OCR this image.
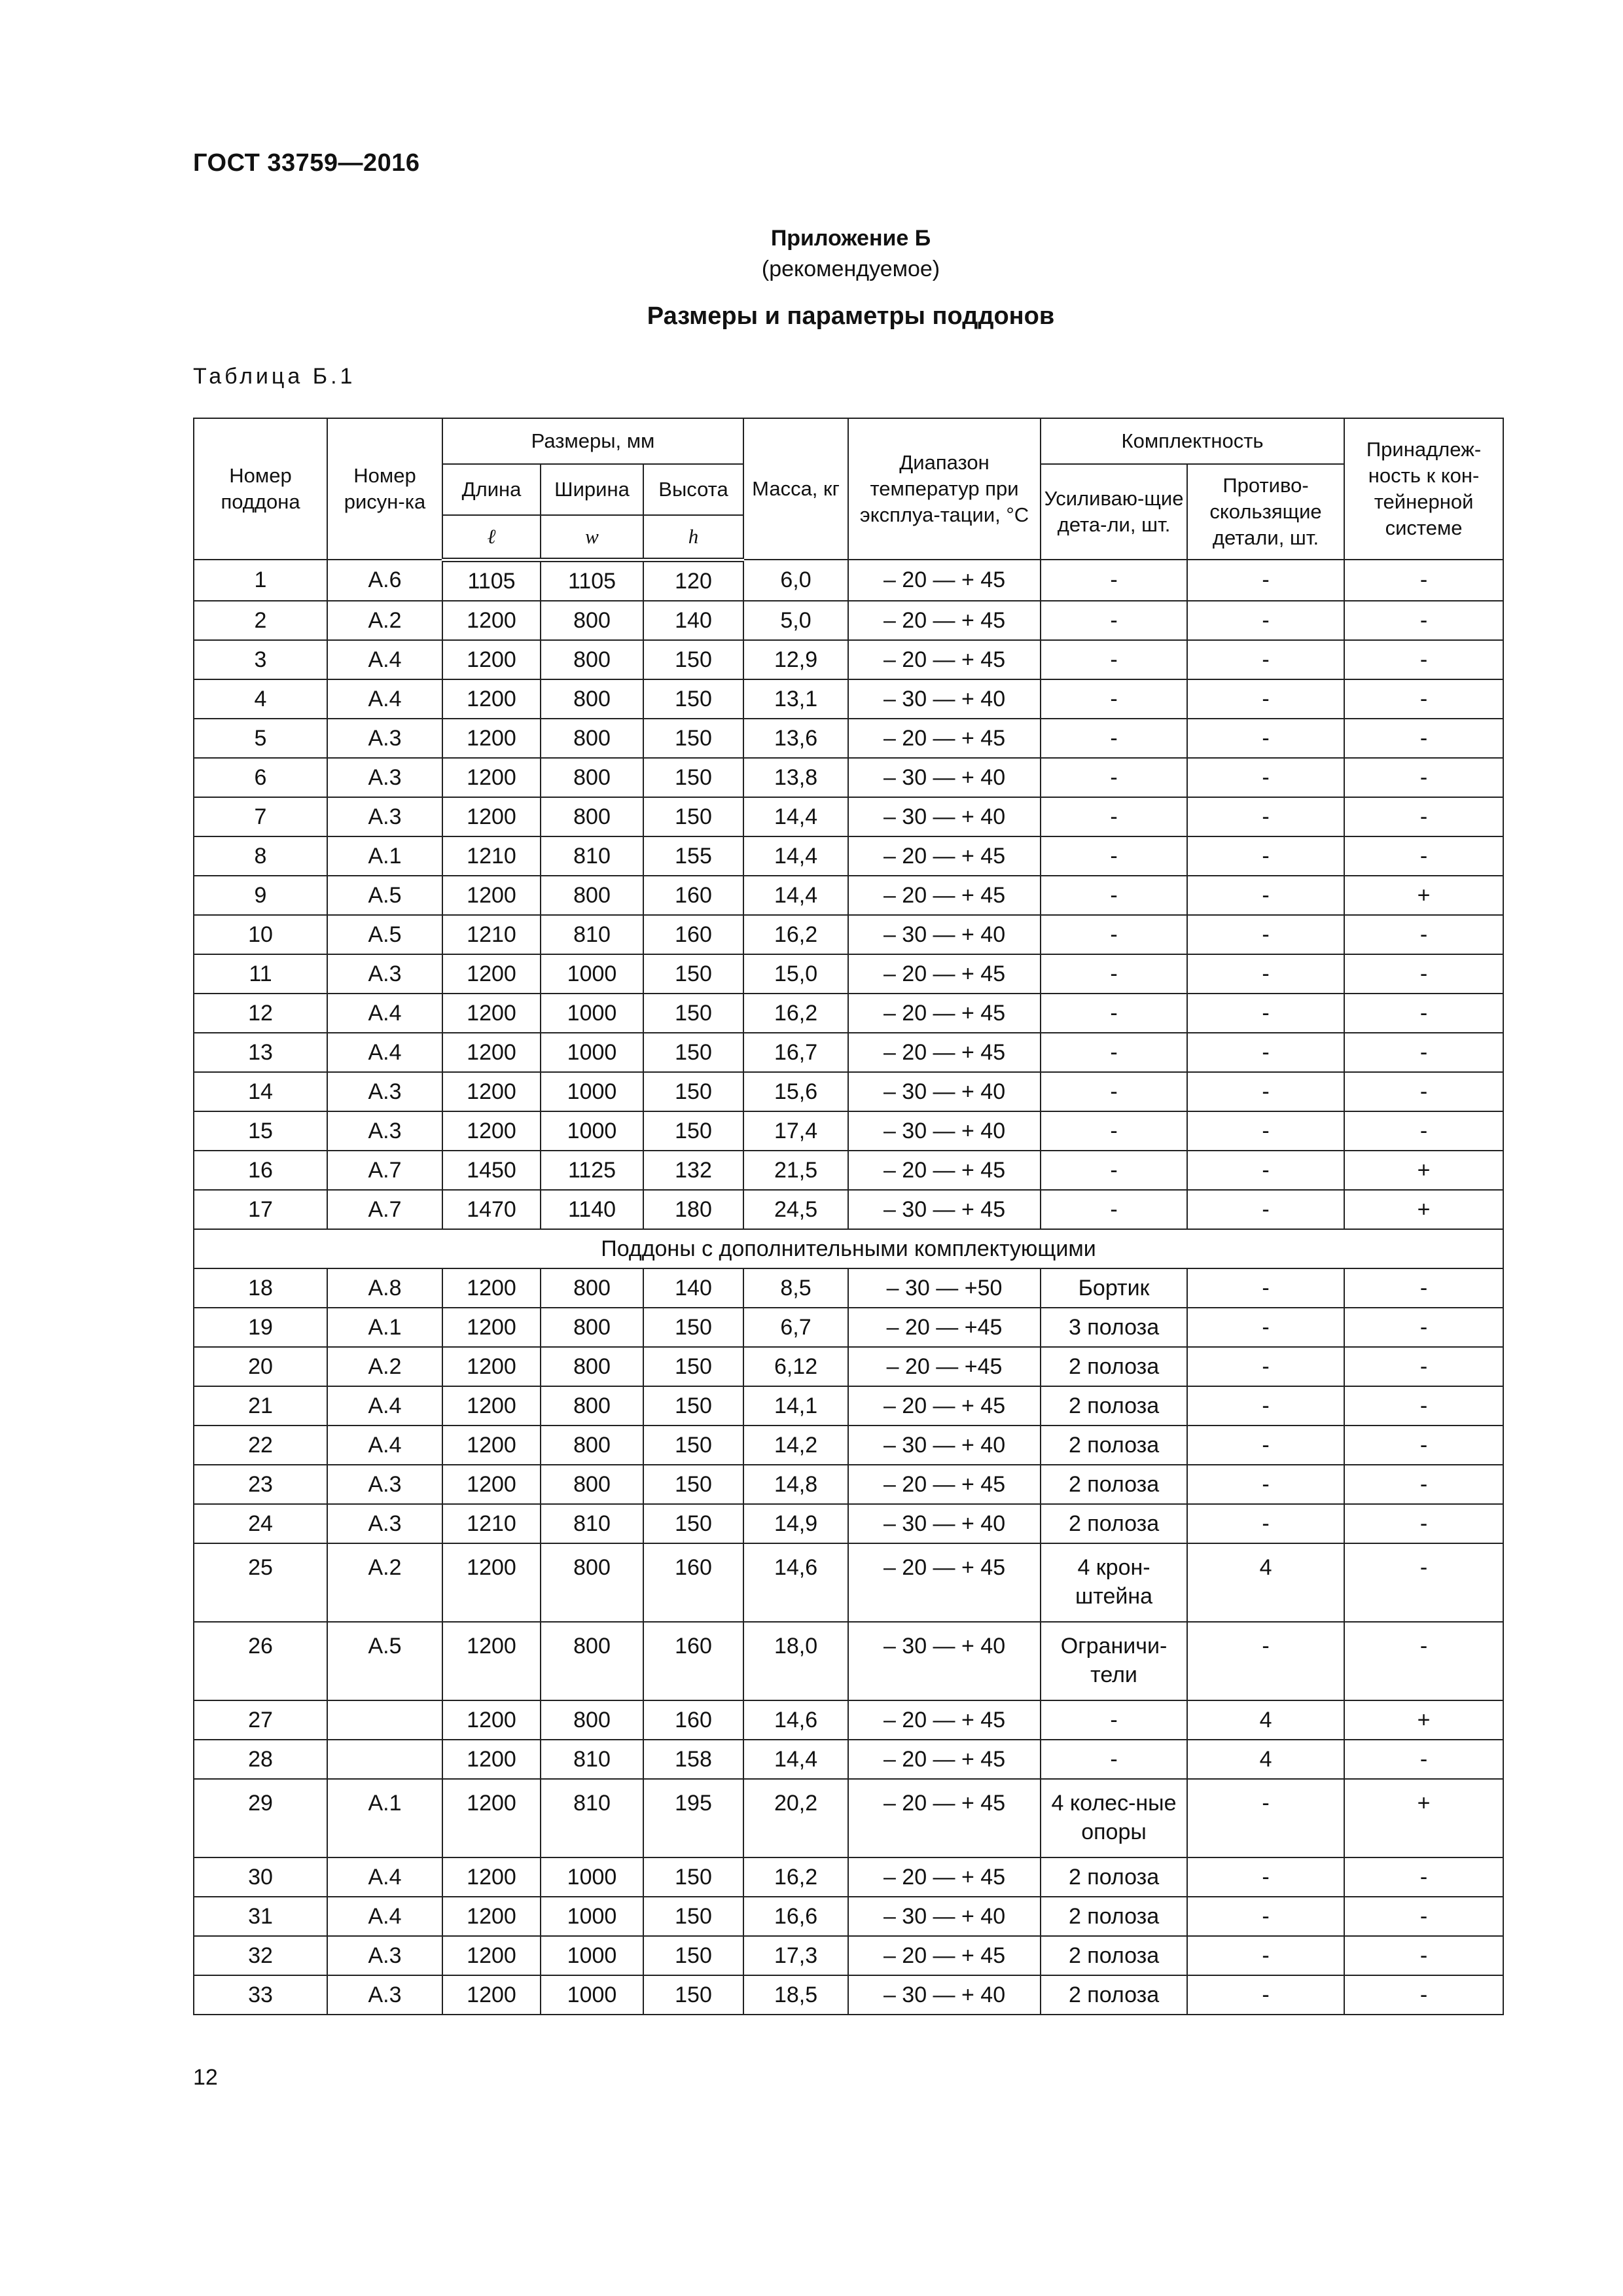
ГОСТ 33759—2016
Приложение Б
(рекомендуемое)
Размеры и параметры поддонов
Таблица Б.1
Номер поддона	Номер рисун-ка	Размеры, мм			Масса, кг	Диапазон температур при эксплуа-тации, °С	Комплектность		Принадлеж-ность к кон-тейнерной системе
		Длина	Ширина	Высота			Усиливаю-щие дета-ли, шт.	Противо-скользящие детали, шт.	
		ℓ	w	h					
1	А.6	1105	1105	120	6,0	– 20 — + 45	-	-	-
2	А.2	1200	800	140	5,0	– 20 — + 45	-	-	-
3	А.4	1200	800	150	12,9	– 20 — + 45	-	-	-
4	А.4	1200	800	150	13,1	– 30 — + 40	-	-	-
5	А.3	1200	800	150	13,6	– 20 — + 45	-	-	-
6	А.3	1200	800	150	13,8	– 30 — + 40	-	-	-
7	А.3	1200	800	150	14,4	– 30 — + 40	-	-	-
8	А.1	1210	810	155	14,4	– 20 — + 45	-	-	-
9	А.5	1200	800	160	14,4	– 20 — + 45	-	-	+
10	А.5	1210	810	160	16,2	– 30 — + 40	-	-	-
11	А.3	1200	1000	150	15,0	– 20 — + 45	-	-	-
12	А.4	1200	1000	150	16,2	– 20 — + 45	-	-	-
13	А.4	1200	1000	150	16,7	– 20 — + 45	-	-	-
14	А.3	1200	1000	150	15,6	– 30 — + 40	-	-	-
15	А.3	1200	1000	150	17,4	– 30 — + 40	-	-	-
16	А.7	1450	1125	132	21,5	– 20 — + 45	-	-	+
17	А.7	1470	1140	180	24,5	– 30 — + 45	-	-	+
Поддоны с дополнительными комплектующими									
18	А.8	1200	800	140	8,5	– 30 — +50	Бортик	-	-
19	А.1	1200	800	150	6,7	– 20 — +45	3 полоза	-	-
20	А.2	1200	800	150	6,12	– 20 — +45	2 полоза	-	-
21	А.4	1200	800	150	14,1	– 20 — + 45	2 полоза	-	-
22	А.4	1200	800	150	14,2	– 30 — + 40	2 полоза	-	-
23	А.3	1200	800	150	14,8	– 20 — + 45	2 полоза	-	-
24	А.3	1210	810	150	14,9	– 30 — + 40	2 полоза	-	-
25	А.2	1200	800	160	14,6	– 20 — + 45	4 крон-штейна	4	-
26	А.5	1200	800	160	18,0	– 30 — + 40	Ограничи-тели	-	-
27		1200	800	160	14,6	– 20 — + 45	-	4	+
28		1200	810	158	14,4	– 20 — + 45	-	4	-
29	А.1	1200	810	195	20,2	– 20 — + 45	4 колес-ные опоры	-	+
30	А.4	1200	1000	150	16,2	– 20 — + 45	2 полоза	-	-
31	А.4	1200	1000	150	16,6	– 30 — + 40	2 полоза	-	-
32	А.3	1200	1000	150	17,3	– 20 — + 45	2 полоза	-	-
33	А.3	1200	1000	150	18,5	– 30 — + 40	2 полоза	-	-
12
